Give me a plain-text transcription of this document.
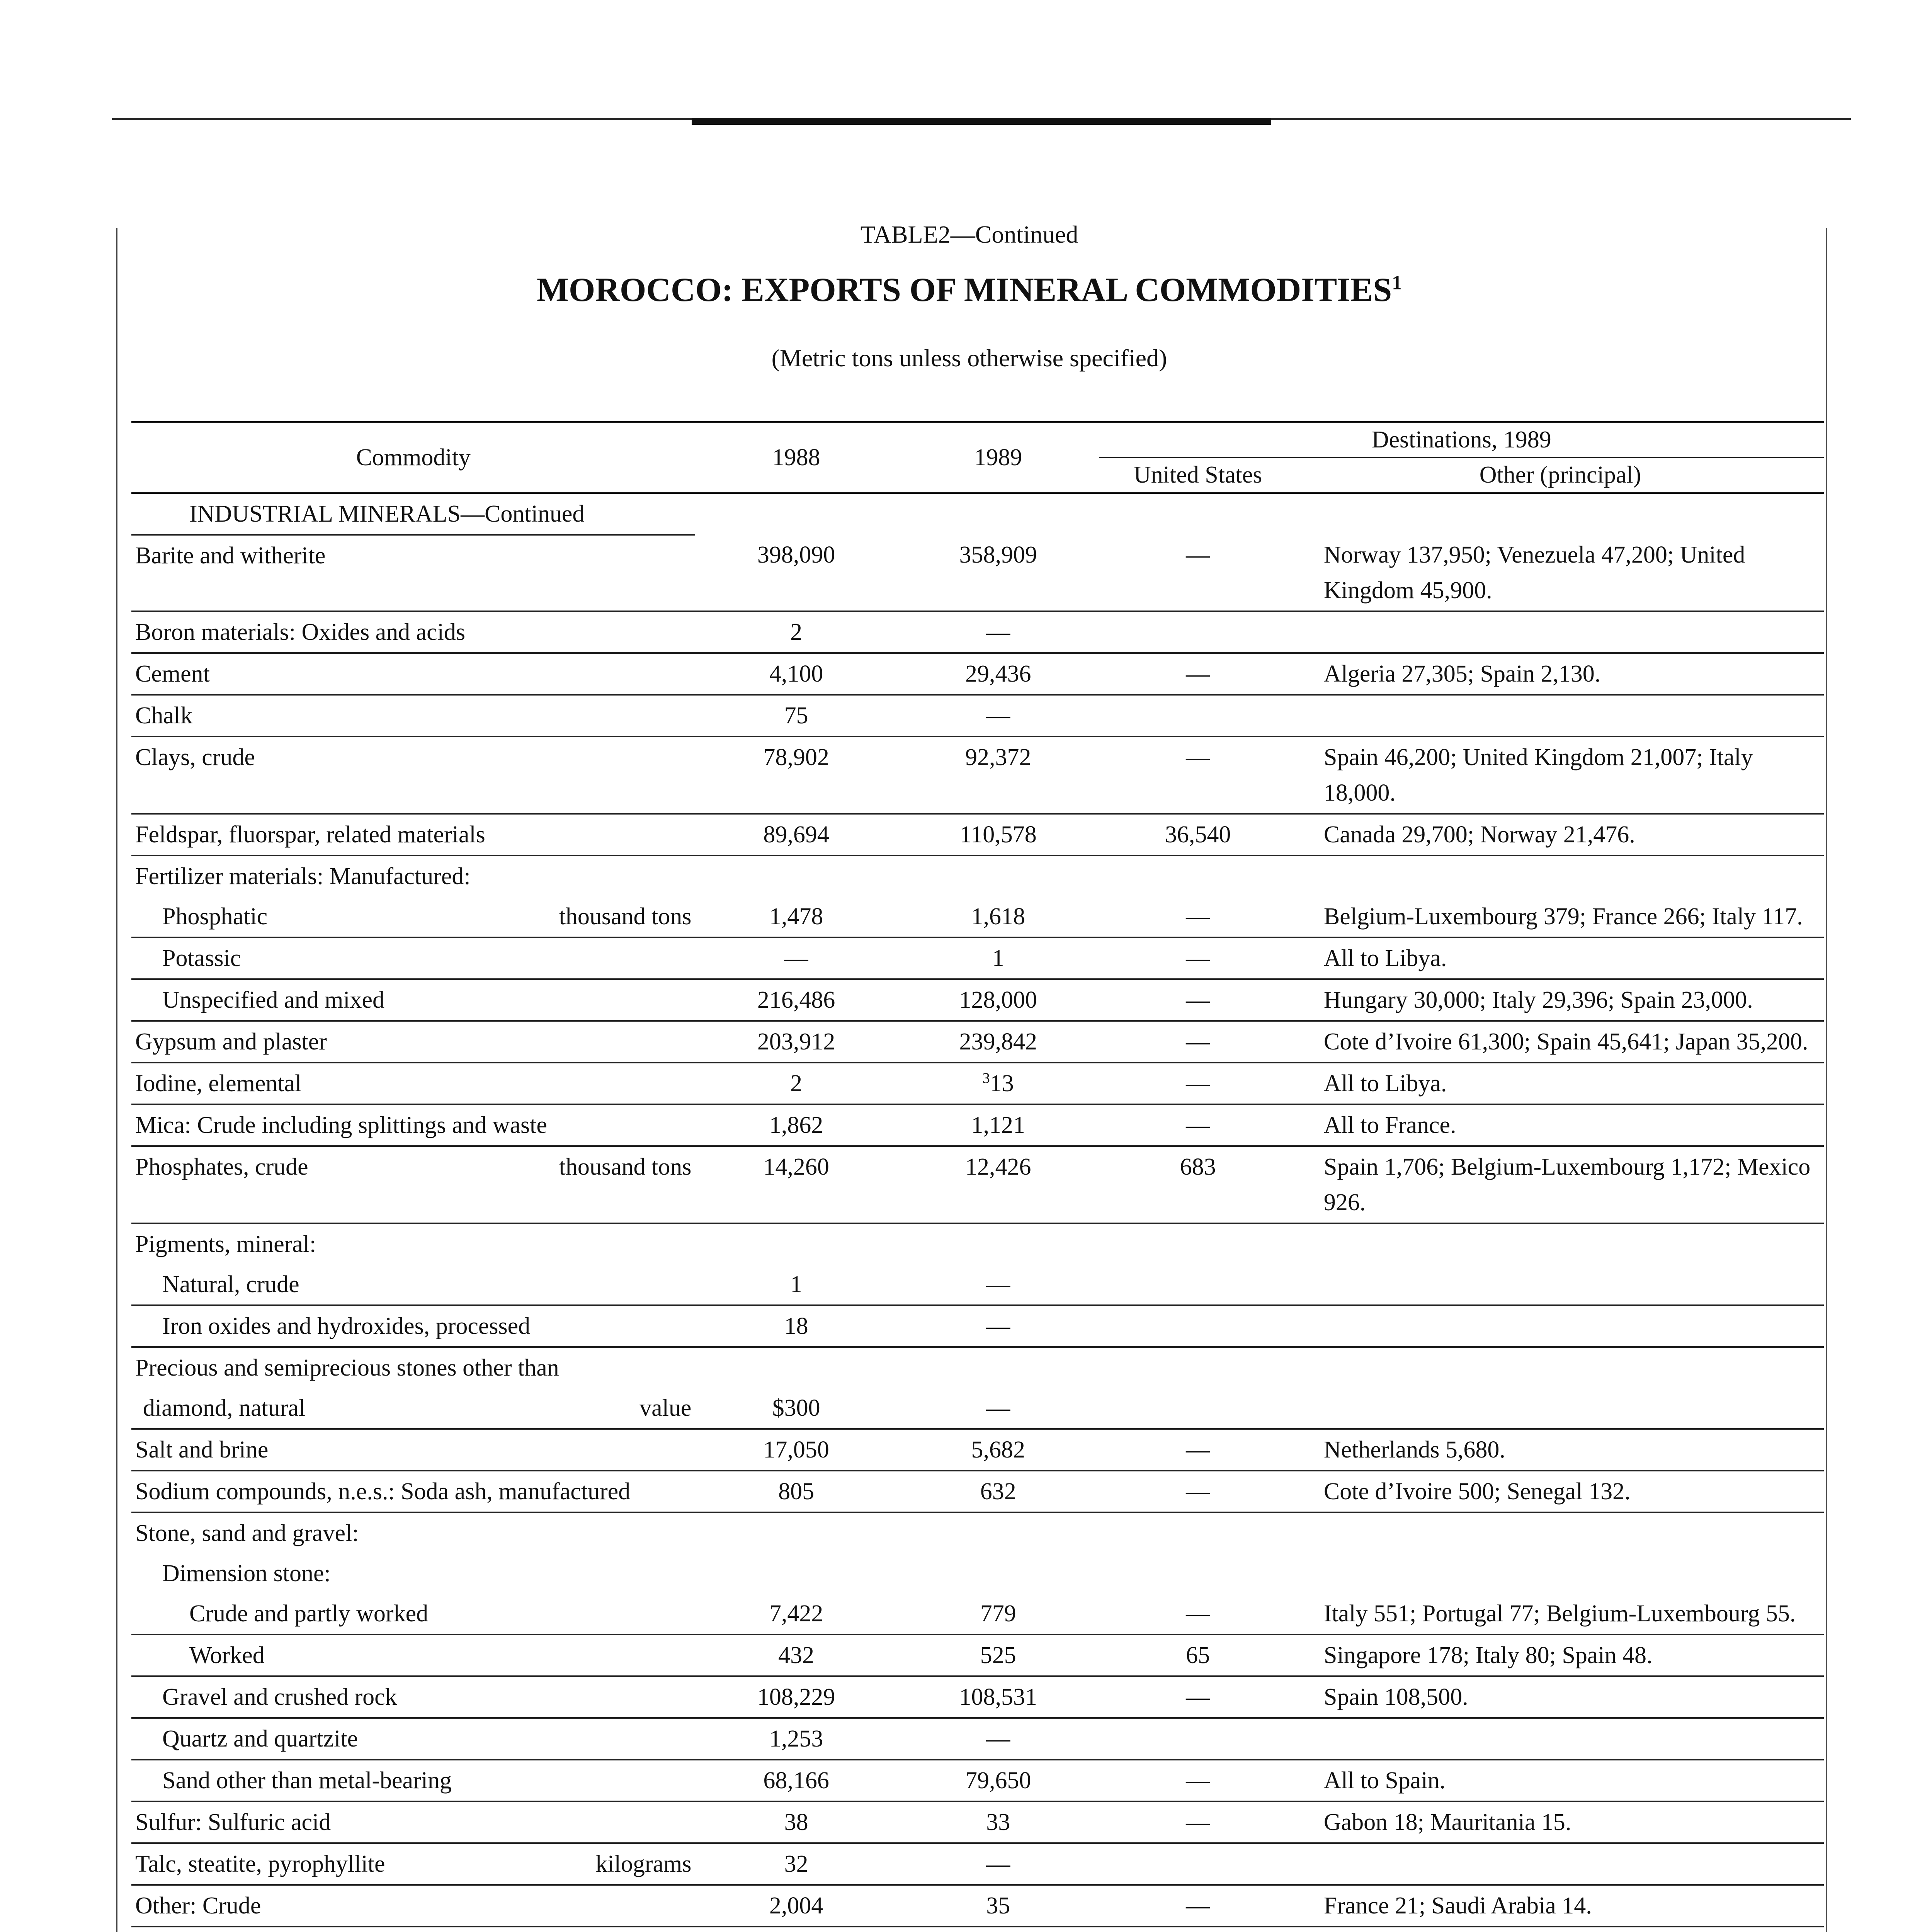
TABLE2—Continued
MOROCCO: EXPORTS OF MINERAL COMMODITIES$^1$
(Metric tons unless otherwise specified)
Commodity	1988	1989	Destinations, 1989	
			United States	Other (principal)

INDUSTRIAL MINERALS—Continued				

Barite and witherite	398,090	358,909	—	Norway 137,950; Venezuela 47,200; United Kingdom 45,900.

Boron materials: Oxides and acids	2	—		

Cement	4,100	29,436	—	Algeria 27,305; Spain 2,130.

Chalk	75	—		

Clays, crude	78,902	92,372	—	Spain 46,200; United Kingdom 21,007; Italy 18,000.

Feldspar, fluorspar, related materials	89,694	110,578	36,540	Canada 29,700; Norway 21,476.

Fertilizer materials: Manufactured:				

Phosphatic thousand tons	1,478	1,618	—	Belgium-Luxembourg 379; France 266; Italy 117.

Potassic	—	1	—	All to Libya.

Unspecified and mixed	216,486	128,000	—	Hungary 30,000; Italy 29,396; Spain 23,000.

Gypsum and plaster	203,912	239,842	—	Cote d’Ivoire 61,300; Spain 45,641; Japan 35,200.

Iodine, elemental	2	$^3$13	—	All to Libya.

Mica: Crude including splittings and waste	1,862	1,121	—	All to France.

Phosphates, crude thousand tons	14,260	12,426	683	Spain 1,706; Belgium-Luxembourg 1,172; Mexico 926.

Pigments, mineral:				

Natural, crude	1	—		

Iron oxides and hydroxides, processed	18	—		

Precious and semiprecious stones other than				

diamond, natural value	$300	—		

Salt and brine	17,050	5,682	—	Netherlands 5,680.

Sodium compounds, n.e.s.: Soda ash, manufactured	805	632	—	Cote d’Ivoire 500; Senegal 132.

Stone, sand and gravel:				

Dimension stone:				

Crude and partly worked	7,422	779	—	Italy 551; Portugal 77; Belgium-Luxembourg 55.

Worked	432	525	65	Singapore 178; Italy 80; Spain 48.

Gravel and crushed rock	108,229	108,531	—	Spain 108,500.

Quartz and quartzite	1,253	—		

Sand other than metal-bearing	68,166	79,650	—	All to Spain.

Sulfur: Sulfuric acid	38	33	—	Gabon 18; Mauritania 15.

Talc, steatite, pyrophyllite kilograms	32	—		

Other: Crude	2,004	35	—	France 21; Saudi Arabia 14.
